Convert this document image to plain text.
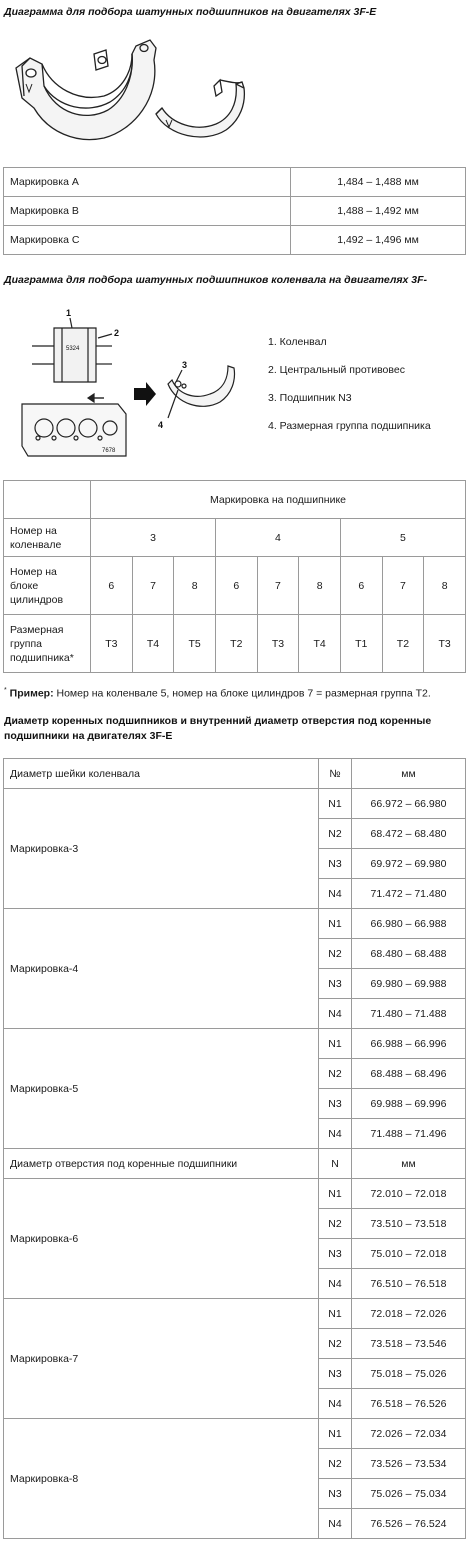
Диаграмма для подбора шатунных подшипников на двигателях 3F-E
Маркировка А	1,484 – 1,488 мм
Маркировка В	1,488 – 1,492 мм
Маркировка С	1,492 – 1,496 мм
Диаграмма для подбора шатунных подшипников коленвала на двигателях 3F-
1
2
3
4
5324
7678
1. Коленвал
2. Центральный противовес
3. Подшипник N3
4. Размерная группа подшипника
	Маркировка на подшипнике								
Номер на коленвале	3			4			5		
Номер на блоке цилиндров	6	7	8	6	7	8	6	7	8
Размерная группа подшипника*	T3	T4	T5	T2	T3	T4	T1	T2	T3
* Пример: Номер на коленвале 5, номер на блоке цилиндров 7 = размерная группа T2.
Диаметр коренных подшипников и внутренний диаметр отверстия под коренные подшипники на двигателях 3F-E
Диаметр шейки коленвала	№	мм
Маркировка-3	N1	66.972 – 66.980
	N2	68.472 – 68.480
	N3	69.972 – 69.980
	N4	71.472 – 71.480
Маркировка-4	N1	66.980 – 66.988
	N2	68.480 – 68.488
	N3	69.980 – 69.988
	N4	71.480 – 71.488
Маркировка-5	N1	66.988 – 66.996
	N2	68.488 – 68.496
	N3	69.988 – 69.996
	N4	71.488 – 71.496
Диаметр отверстия под коренные подшипники	N	мм
Маркировка-6	N1	72.010 – 72.018
	N2	73.510 – 73.518
	N3	75.010 – 72.018
	N4	76.510 – 76.518
Маркировка-7	N1	72.018 – 72.026
	N2	73.518 – 73.546
	N3	75.018 – 75.026
	N4	76.518 – 76.526
Маркировка-8	N1	72.026 – 72.034
	N2	73.526 – 73.534
	N3	75.026 – 75.034
	N4	76.526 – 76.524
